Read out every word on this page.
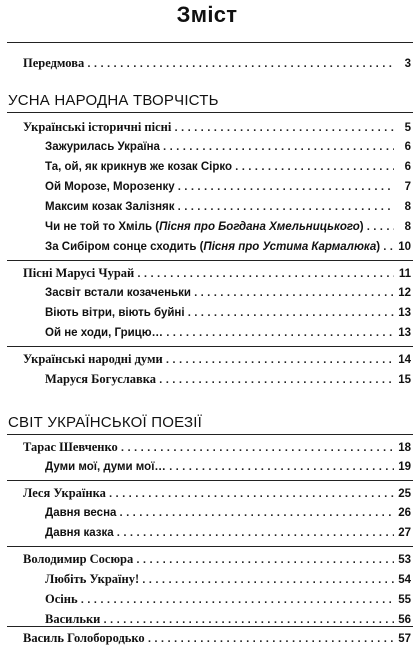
Зміст
Передмова . . .	3
УСНА НАРОДНА ТВОРЧІСТЬ
Українські історичні пісні . . .	5
Зажурилась Україна . . .	6
Та, ой, як крикнув же козак Сірко . . .	6
Ой Морозе, Морозенку . . .	7
Максим козак Залізняк . . .	8
Чи не той то Хміль (Пісня про Богдана Хмельницького) . . .	8
За Сибіром сонце сходить (Пісня про Устима Кармалюка) . . . 10
Пісні Марусі Чурай . . .	11
Засвіт встали козаченьки . . .	12
Віють вітри, віють буйні . . .	13
Ой не ходи, Грицю… . . .	13
Українські народні думи . . .	14
Маруся Богуславка . . .	15
СВІТ УКРАЇНСЬКОЇ ПОЕЗІЇ
Тарас Шевченко . . .	18
Думи мої, думи мої… . . .	19
Леся Українка . . .	25
Давня весна . . .	26
Давня казка . . .	27
Володимир Сосюра . . .	53
Любіть Україну! . . .	54
Осінь . . .	55
Васильки . . .	56
Василь Голобородько . . .	57
